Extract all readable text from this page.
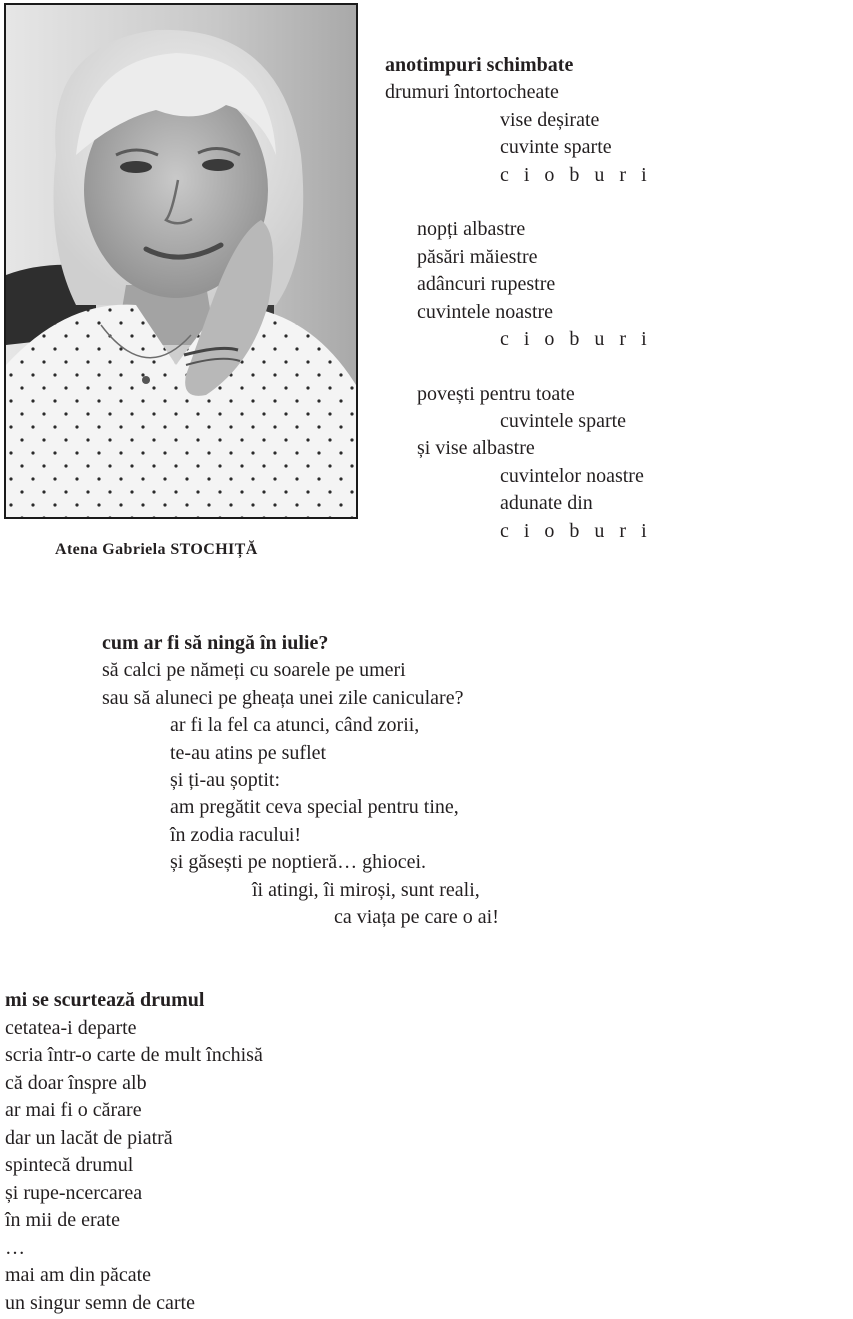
Atena Gabriela STOCHIȚĂ
anotimpuri schimbate
drumuri întortocheate
vise deșirate
cuvinte sparte
c i o b u r i
nopți albastre
păsări măiestre
adâncuri rupestre
cuvintele noastre
c i o b u r i
povești pentru toate
cuvintele sparte
și vise albastre
cuvintelor noastre
adunate din
c i o b u r i
cum ar fi să ningă în iulie?
să calci pe nămeți cu soarele pe umeri
sau să aluneci pe gheața unei zile caniculare?
ar fi la fel ca atunci, când zorii,
te-au atins pe suflet
și ți-au șoptit:
am pregătit ceva special pentru tine,
în zodia racului!
și găsești pe noptieră… ghiocei.
îi atingi, îi miroși, sunt reali,
ca viața pe care o ai!
mi se scurtează drumul
cetatea-i departe
scria într-o carte de mult închisă
că doar înspre alb
ar mai fi o cărare
dar un lacăt de piatră
spintecă drumul
și rupe-ncercarea
în mii de erate
…
mai am din păcate
un singur semn de carte
